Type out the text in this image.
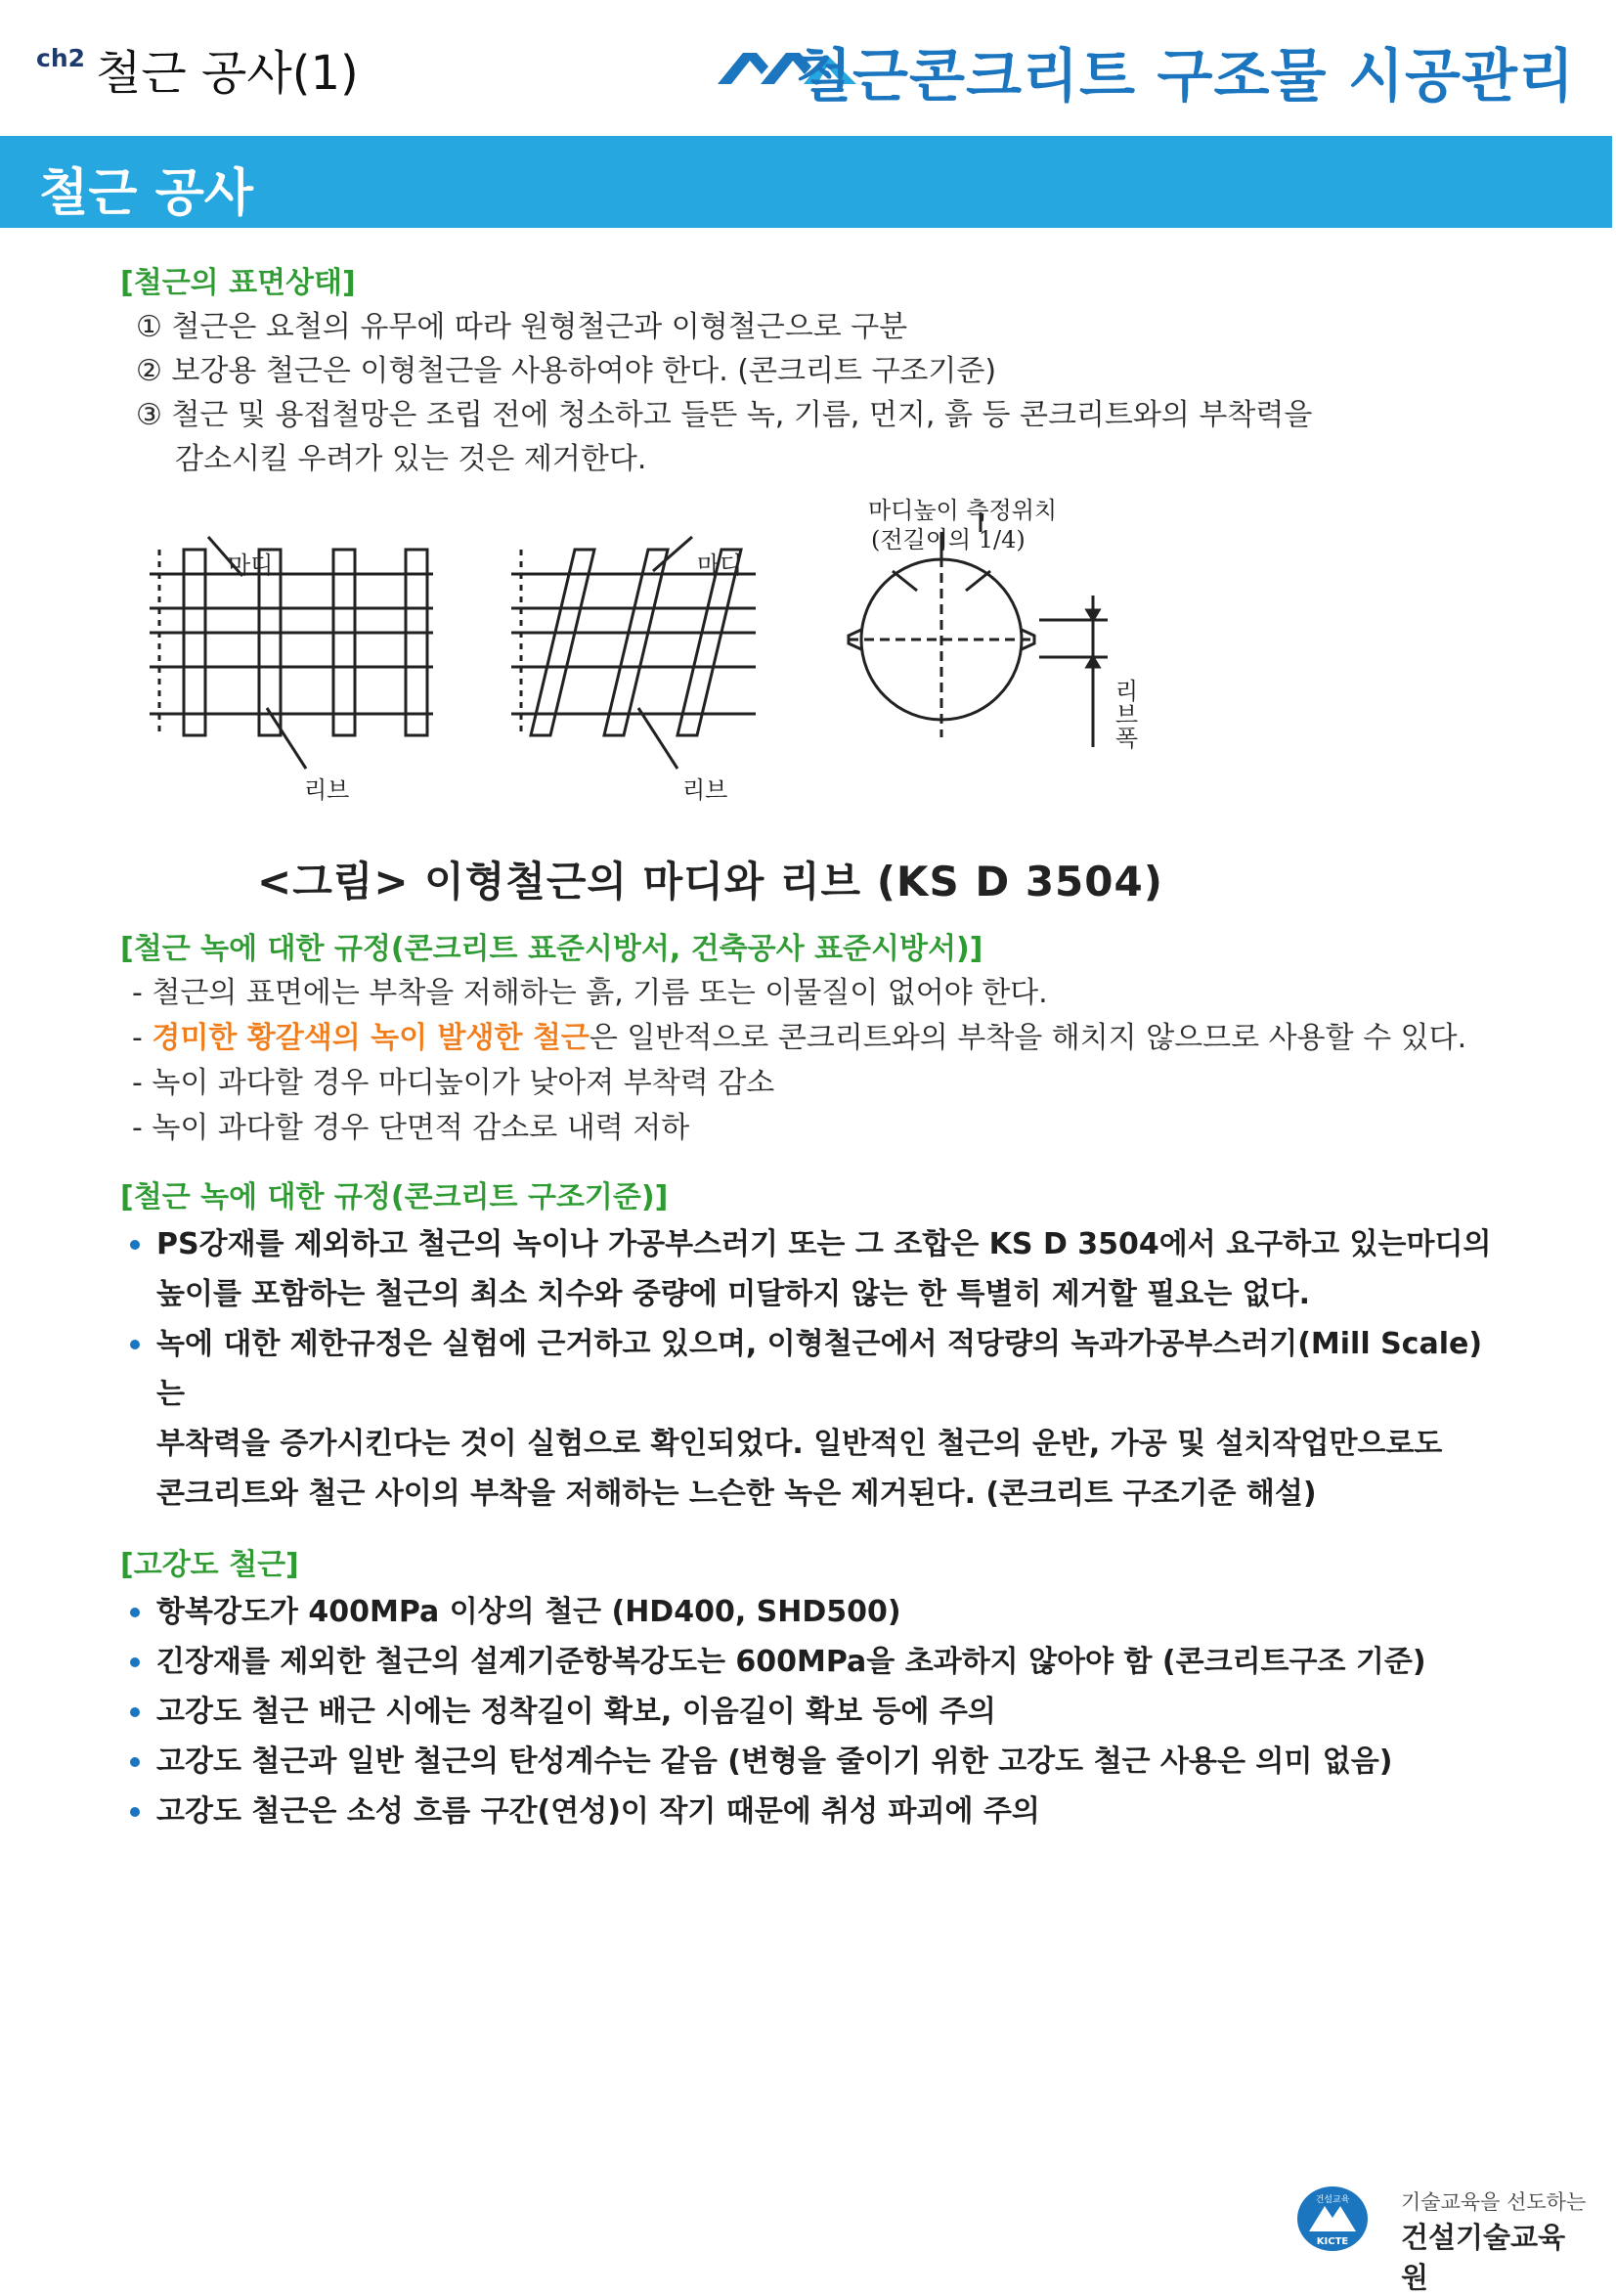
ch2 철근 공사(1)	철근콘크리트 구조물 시공관리
철근 공사
[철근의 표면상태]
① 철근은 요철의 유무에 따라 원형철근과 이형철근으로 구분
② 보강용 철근은 이형철근을 사용하여야 한다. (콘크리트 구조기준)
③ 철근 및 용접철망은 조립 전에 청소하고 들뜬 녹, 기름, 먼지, 흙 등 콘크리트와의 부착력을
감소시킬 우려가 있는 것은 제거한다.
마디	마디
리브	리브
마디높이 측정위치
(전길이의 1/4)
리브폭
<그림> 이형철근의 마디와 리브 (KS D 3504)
[철근 녹에 대한 규정(콘크리트 표준시방서, 건축공사 표준시방서)]
- 철근의 표면에는 부착을 저해하는 흙, 기름 또는 이물질이 없어야 한다.
- 경미한 황갈색의 녹이 발생한 철근은 일반적으로 콘크리트와의 부착을 해치지 않으므로 사용할 수 있다.
- 녹이 과다할 경우 마디높이가 낮아져 부착력 감소
- 녹이 과다할 경우 단면적 감소로 내력 저하
[철근 녹에 대한 규정(콘크리트 구조기준)]
PS강재를 제외하고 철근의 녹이나 가공부스러기 또는 그 조합은 KS D 3504에서 요구하고 있는마디의
높이를 포함하는 철근의 최소 치수와 중량에 미달하지 않는 한 특별히 제거할 필요는 없다.
녹에 대한 제한규정은 실험에 근거하고 있으며, 이형철근에서 적당량의 녹과가공부스러기(Mill Scale)는
부착력을 증가시킨다는 것이 실험으로 확인되었다. 일반적인 철근의 운반, 가공 및 설치작업만으로도
콘크리트와 철근 사이의 부착을 저해하는 느슨한 녹은 제거된다. (콘크리트 구조기준 해설)
[고강도 철근]
항복강도가 400MPa 이상의 철근 (HD400, SHD500)
긴장재를 제외한 철근의 설계기준항복강도는 600MPa을 초과하지 않아야 함 (콘크리트구조 기준)
고강도 철근 배근 시에는 정착길이 확보, 이음길이 확보 등에 주의
고강도 철근과 일반 철근의 탄성계수는 같음 (변형을 줄이기 위한 고강도 철근 사용은 의미 없음)
고강도 철근은 소성 흐름 구간(연성)이 작기 때문에 취성 파괴에 주의
건설교육
KICTE
기술교육을 선도하는
건설기술교육원
